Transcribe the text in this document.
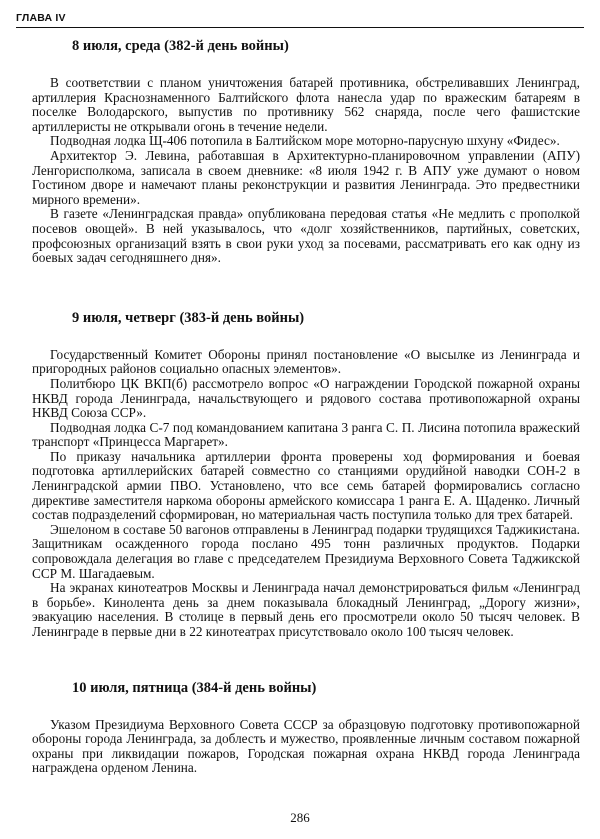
ГЛАВА IV
8 июля, среда (382-й день войны)

В соответствии с планом уничтожения батарей противника, обстреливавших Ленинград, артиллерия Краснознаменного Балтийского флота нанесла удар по вражеским батареям в поселке Володарского, выпустив по противнику 562 снаряда, после чего фашистские артиллеристы не открывали огонь в течение недели.

Подводная лодка Щ-406 потопила в Балтийском море моторно-парусную шхуну «Фидес».

Архитектор Э. Левина, работавшая в Архитектурно-планировочном управлении (АПУ) Ленгорисполкома, записала в своем дневнике: «8 июля 1942 г. В АПУ уже думают о новом Гостином дворе и намечают планы реконструкции и развития Ленинграда. Это предвестники мирного времени».

В газете «Ленинградская правда» опубликована передовая статья «Не медлить с прополкой посевов овощей». В ней указывалось, что «долг хозяйственников, партийных, советских, профсоюзных организаций взять в свои руки уход за посевами, рассматривать его как одну из боевых задач сегодняшнего дня».

9 июля, четверг (383-й день войны)

Государственный Комитет Обороны принял постановление «О высылке из Ленинграда и пригородных районов социально опасных элементов».

Политбюро ЦК ВКП(б) рассмотрело вопрос «О награждении Городской пожарной охраны НКВД города Ленинграда, начальствующего и рядового состава противопожарной охраны НКВД Союза ССР».

Подводная лодка С-7 под командованием капитана 3 ранга С. П. Лисина потопила вражеский транспорт «Принцесса Маргарет».

По приказу начальника артиллерии фронта проверены ход формирования и боевая подготовка артиллерийских батарей совместно со станциями орудийной наводки СОН-2 в Ленинградской армии ПВО. Установлено, что все семь батарей формировались согласно директиве заместителя наркома обороны армейского комиссара 1 ранга Е. А. Щаденко. Личный состав подразделений сформирован, но материальная часть поступила только для трех батарей.

Эшелоном в составе 50 вагонов отправлены в Ленинград подарки трудящихся Таджикистана. Защитникам осажденного города послано 495 тонн различных продуктов. Подарки сопровождала делегация во главе с председателем Президиума Верховного Совета Таджикской ССР М. Шагадаевым.

На экранах кинотеатров Москвы и Ленинграда начал демонстрироваться фильм «Ленинград в борьбе». Кинолента день за днем показывала блокадный Ленинград, „Дорогу жизни», эвакуацию населения. В столице в первый день его просмотрели около 50 тысяч человек. В Ленинграде в первые дни в 22 кинотеатрах присутствовало около 100 тысяч человек.

10 июля, пятница (384-й день войны)

Указом Президиума Верховного Совета СССР за образцовую подготовку противопожарной обороны города Ленинграда, за доблесть и мужество, проявленные личным составом пожарной охраны при ликвидации пожаров, Городская пожарная охрана НКВД города Ленинграда награждена орденом Ленина.

286
